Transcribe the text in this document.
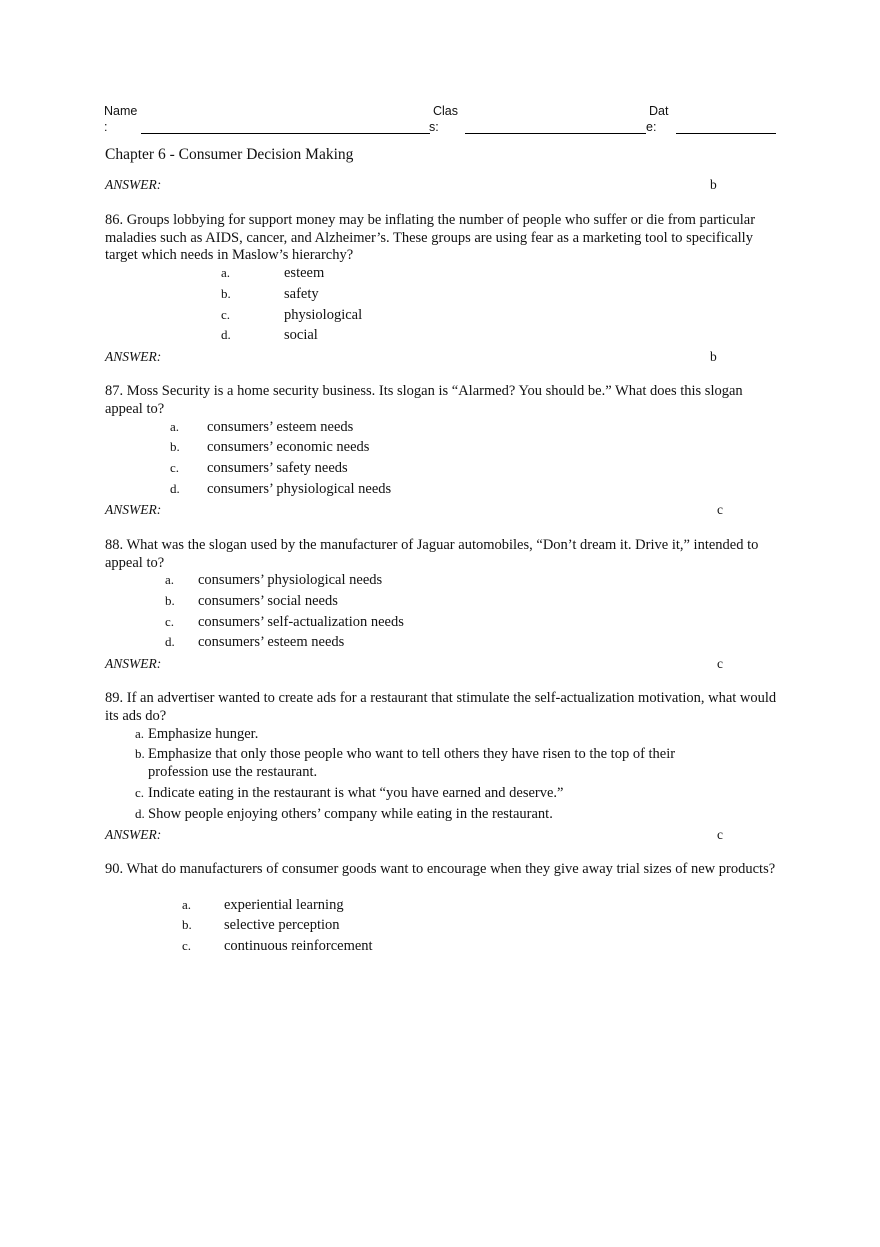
Name
:
Clas
s:
Dat
e:
Chapter 6 - Consumer Decision Making
ANSWER:	b
86. Groups lobbying for support money may be inflating the number of people who suffer or die from particular maladies such as AIDS, cancer, and Alzheimer’s. These groups are using fear as a marketing tool to specifically target which needs in Maslow’s hierarchy?
a.	esteem
b.	safety
c.	physiological
d.	social
ANSWER:	b
87. Moss Security is a home security business. Its slogan is “Alarmed? You should be.” What does this slogan appeal to?
a. consumers’ esteem needs
b. consumers’ economic needs
c. consumers’ safety needs
d. consumers’ physiological needs
ANSWER:	c
88. What was the slogan used by the manufacturer of Jaguar automobiles, “Don’t dream it. Drive it,” intended to appeal to?
a. consumers’ physiological needs
b. consumers’ social needs
c. consumers’ self-actualization needs
d. consumers’ esteem needs
ANSWER:	c
89. If an advertiser wanted to create ads for a restaurant that stimulate the self-actualization motivation, what would its ads do?
a. Emphasize hunger.
b. Emphasize that only those people who want to tell others they have risen to the top of their profession use the restaurant.
c. Indicate eating in the restaurant is what “you have earned and deserve.”
d. Show people enjoying others’ company while eating in the restaurant.
ANSWER:	c
90. What do manufacturers of consumer goods want to encourage when they give away trial sizes of new products?
a. experiential learning
b. selective perception
c. continuous reinforcement
